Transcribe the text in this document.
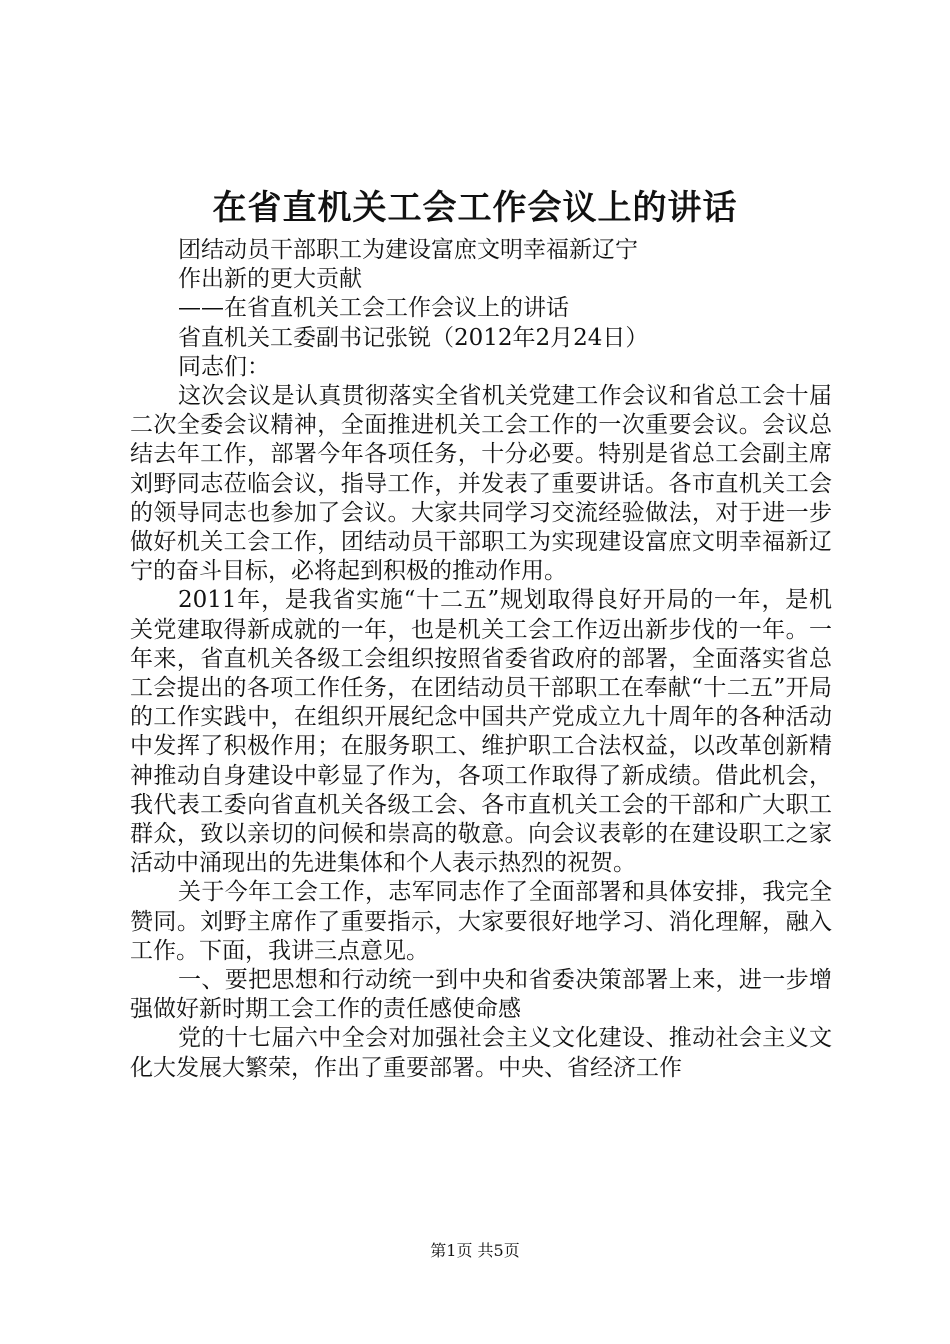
在省直机关工会工作会议上的讲话
团结动员干部职工为建设富庶文明幸福新辽宁
作出新的更大贡献
——在省直机关工会工作会议上的讲话
省直机关工委副书记张锐（2012年2月24日）
同志们：

这次会议是认真贯彻落实全省机关党建工作会议和省总工会十届二次全委会议精神，全面推进机关工会工作的一次重要会议。会议总结去年工作，部署今年各项任务，十分必要。特别是省总工会副主席刘野同志莅临会议，指导工作，并发表了重要讲话。各市直机关工会的领导同志也参加了会议。大家共同学习交流经验做法，对于进一步做好机关工会工作，团结动员干部职工为实现建设富庶文明幸福新辽宁的奋斗目标，必将起到积极的推动作用。

2011年，是我省实施“十二五”规划取得良好开局的一年，是机关党建取得新成就的一年，也是机关工会工作迈出新步伐的一年。一年来，省直机关各级工会组织按照省委省政府的部署，全面落实省总工会提出的各项工作任务，在团结动员干部职工在奉献“十二五”开局的工作实践中，在组织开展纪念中国共产党成立九十周年的各种活动中发挥了积极作用；在服务职工、维护职工合法权益，以改革创新精神推动自身建设中彰显了作为，各项工作取得了新成绩。借此机会，我代表工委向省直机关各级工会、各市直机关工会的干部和广大职工群众，致以亲切的问候和崇高的敬意。向会议表彰的在建设职工之家活动中涌现出的先进集体和个人表示热烈的祝贺。

关于今年工会工作，志军同志作了全面部署和具体安排，我完全赞同。刘野主席作了重要指示，大家要很好地学习、消化理解，融入工作。下面，我讲三点意见。

一、要把思想和行动统一到中央和省委决策部署上来，进一步增强做好新时期工会工作的责任感使命感

党的十七届六中全会对加强社会主义文化建设、推动社会主义文化大发展大繁荣，作出了重要部署。中央、省经济工作

第1页 共5页
